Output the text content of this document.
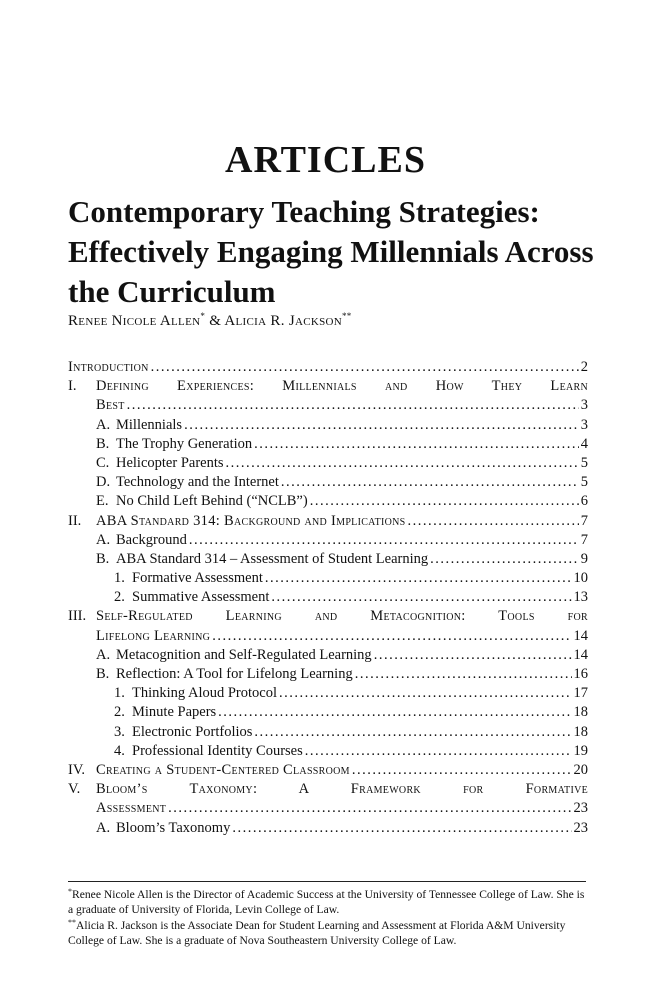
ARTICLES
Contemporary Teaching Strategies:
Effectively Engaging Millennials Across
the Curriculum
Renee Nicole Allen* & Alicia R. Jackson**
Introduction .....	2
I.	Defining Experiences: Millennials and How They Learn
Best .....	3
A. Millennials .....	3
B. The Trophy Generation .....	4
C. Helicopter Parents .....	5
D. Technology and the Internet .....	5
E. No Child Left Behind (“NCLB”) .....	6
II.	ABA Standard 314: Background and Implications .....	7
A. Background .....	7
B. ABA Standard 314 – Assessment of Student Learning .....	9
1. Formative Assessment .....	10
2. Summative Assessment .....	13
III. Self-Regulated Learning and Metacognition: Tools for
Lifelong Learning .....	14
A. Metacognition and Self-Regulated Learning .....	14
B. Reflection: A Tool for Lifelong Learning .....	16
1. Thinking Aloud Protocol .....	17
2. Minute Papers .....	18
3. Electronic Portfolios .....	18
4. Professional Identity Courses .....	19
IV. Creating a Student-Centered Classroom .....	20
V.	Bloom’s Taxonomy: A Framework for Formative
Assessment .....	23
A. Bloom’s Taxonomy .....	23

*Renee Nicole Allen is the Director of Academic Success at the University of Tennessee College of Law. She is a graduate of University of Florida, Levin College of Law.

**Alicia R. Jackson is the Associate Dean for Student Learning and Assessment at Florida A&M University College of Law. She is a graduate of Nova Southeastern University College of Law.
